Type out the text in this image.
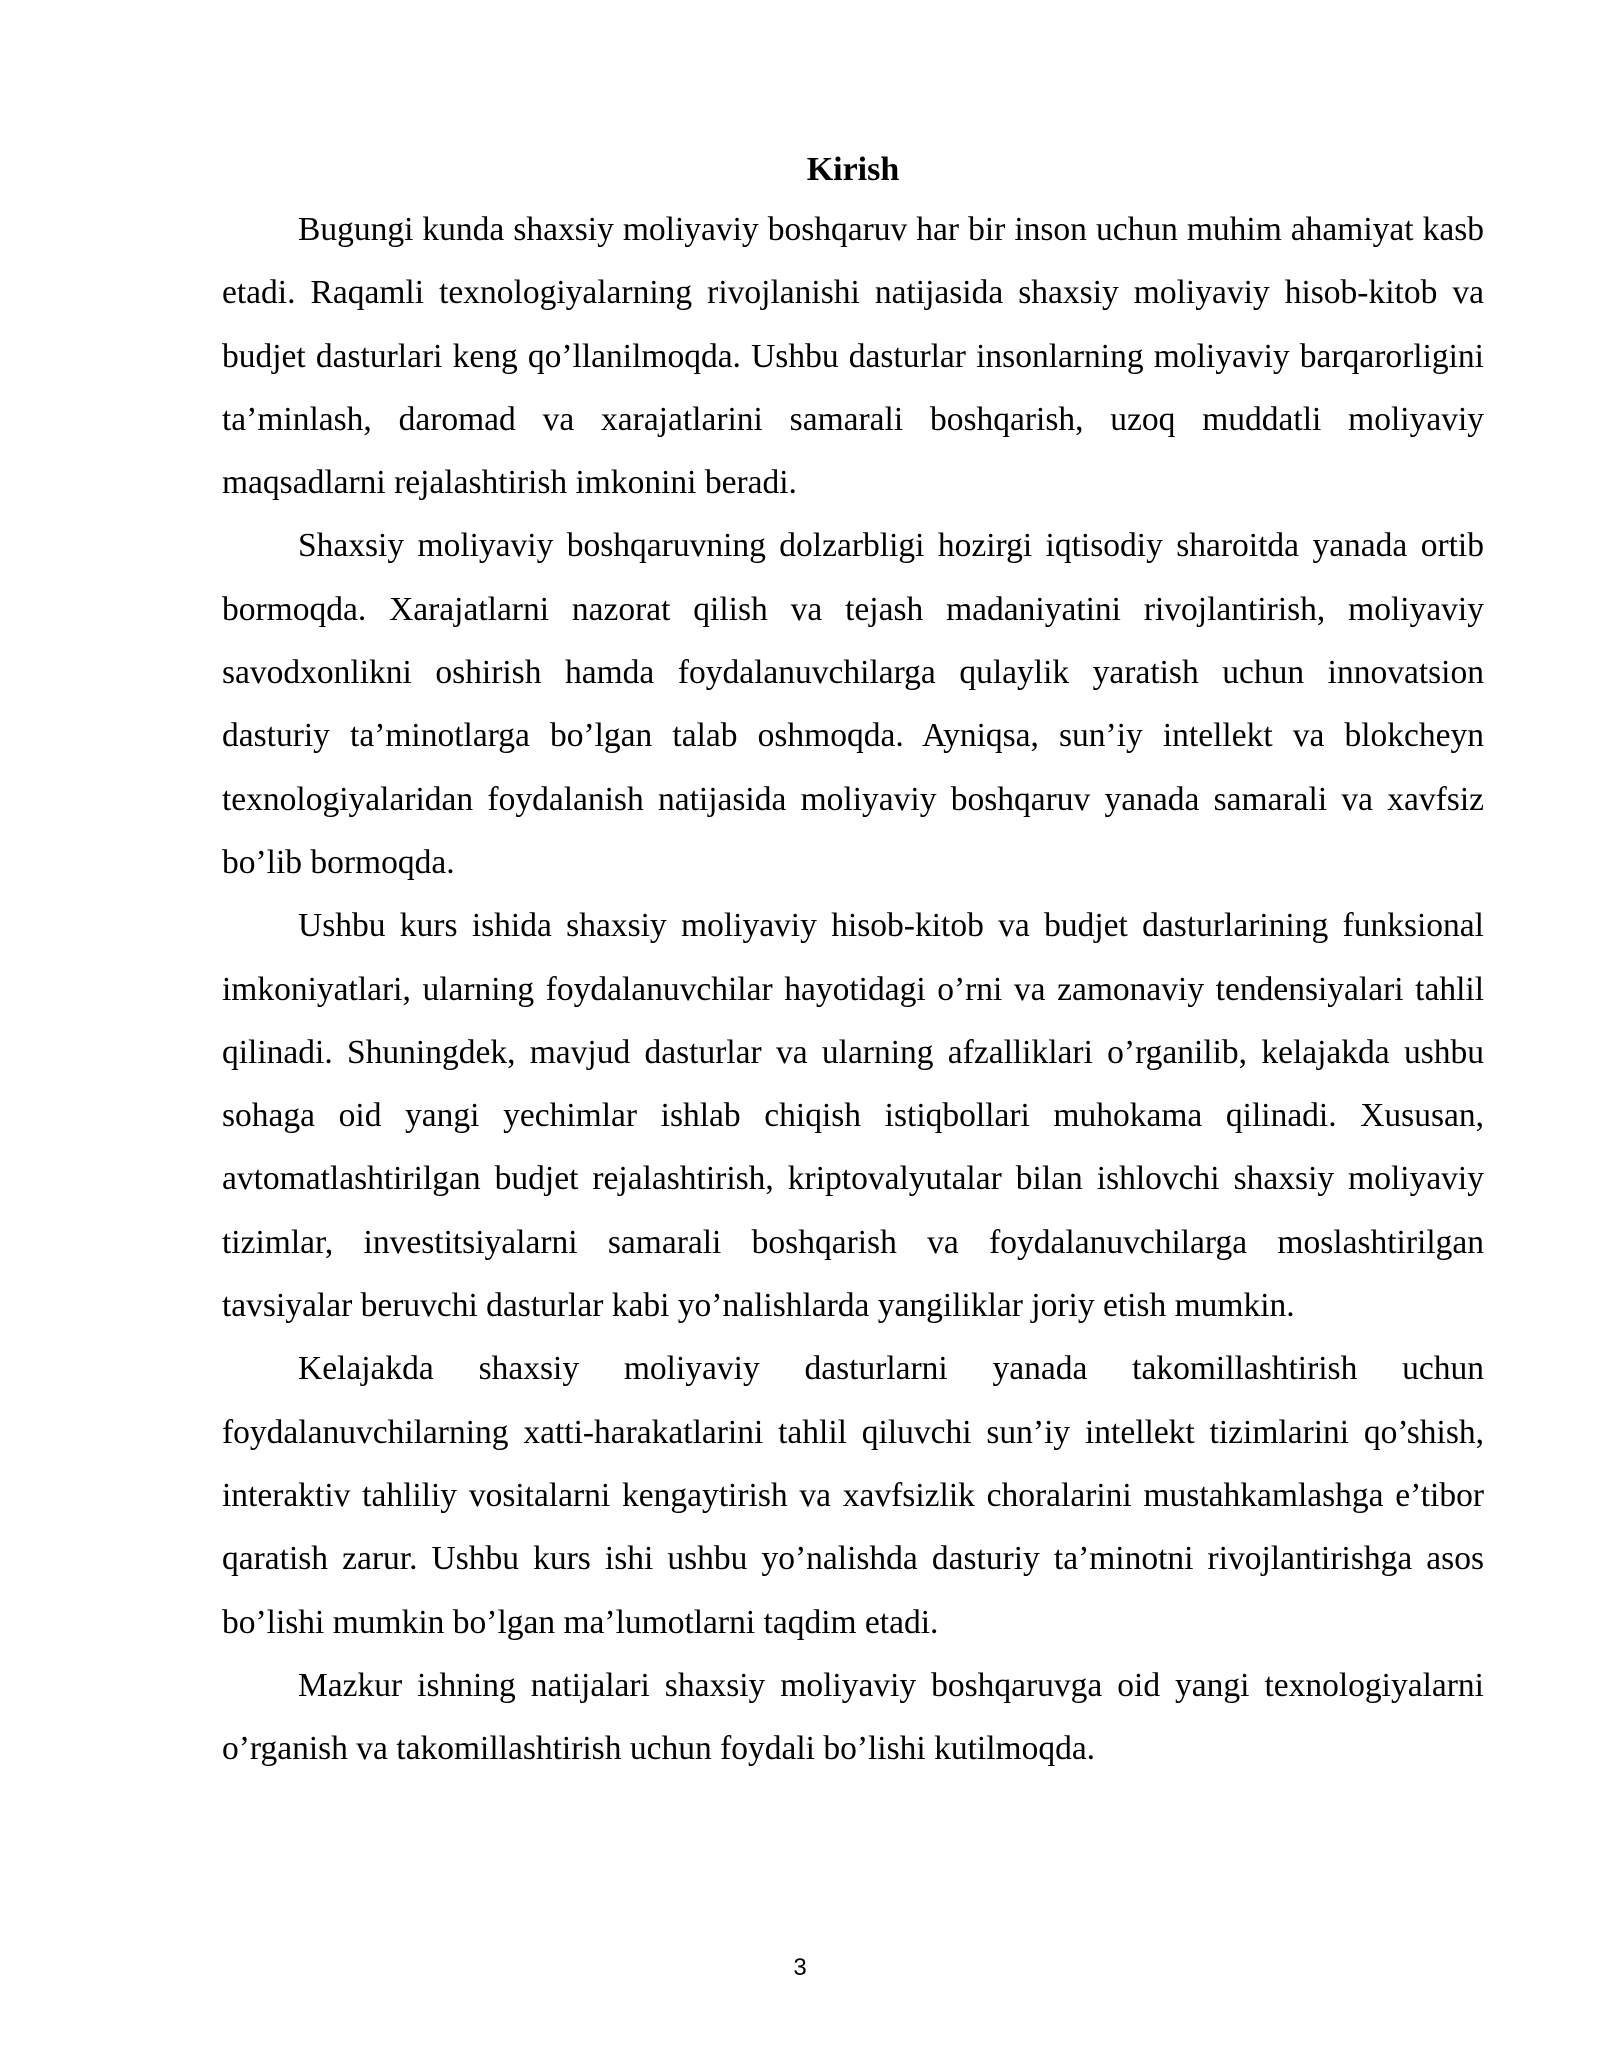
Kirish

Bugungi kunda shaxsiy moliyaviy boshqaruv har bir inson uchun muhim ahamiyat kasb etadi. Raqamli texnologiyalarning rivojlanishi natijasida shaxsiy moliyaviy hisob-kitob va budjet dasturlari keng qo’llanilmoqda. Ushbu dasturlar insonlarning moliyaviy barqarorligini ta’minlash, daromad va xarajatlarini samarali boshqarish, uzoq muddatli moliyaviy maqsadlarni rejalashtirish imkonini beradi.

Shaxsiy moliyaviy boshqaruvning dolzarbligi hozirgi iqtisodiy sharoitda yanada ortib bormoqda. Xarajatlarni nazorat qilish va tejash madaniyatini rivojlantirish, moliyaviy savodxonlikni oshirish hamda foydalanuvchilarga qulaylik yaratish uchun innovatsion dasturiy ta’minotlarga bo’lgan talab oshmoqda. Ayniqsa, sun’iy intellekt va blokcheyn texnologiyalaridan foydalanish natijasida moliyaviy boshqaruv yanada samarali va xavfsiz bo’lib bormoqda.

Ushbu kurs ishida shaxsiy moliyaviy hisob-kitob va budjet dasturlarining funksional imkoniyatlari, ularning foydalanuvchilar hayotidagi o’rni va zamonaviy tendensiyalari tahlil qilinadi. Shuningdek, mavjud dasturlar va ularning afzalliklari o’rganilib, kelajakda ushbu sohaga oid yangi yechimlar ishlab chiqish istiqbollari muhokama qilinadi. Xususan, avtomatlashtirilgan budjet rejalashtirish, kriptovalyutalar bilan ishlovchi shaxsiy moliyaviy tizimlar, investitsiyalarni samarali boshqarish va foydalanuvchilarga moslashtirilgan tavsiyalar beruvchi dasturlar kabi yo’nalishlarda yangiliklar joriy etish mumkin.

Kelajakda shaxsiy moliyaviy dasturlarni yanada takomillashtirish uchun foydalanuvchilarning xatti-harakatlarini tahlil qiluvchi sun’iy intellekt tizimlarini qo’shish, interaktiv tahliliy vositalarni kengaytirish va xavfsizlik choralarini mustahkamlashga e’tibor qaratish zarur. Ushbu kurs ishi ushbu yo’nalishda dasturiy ta’minotni rivojlantirishga asos bo’lishi mumkin bo’lgan ma’lumotlarni taqdim etadi.

Mazkur ishning natijalari shaxsiy moliyaviy boshqaruvga oid yangi texnologiyalarni o’rganish va takomillashtirish uchun foydali bo’lishi kutilmoqda.

3
